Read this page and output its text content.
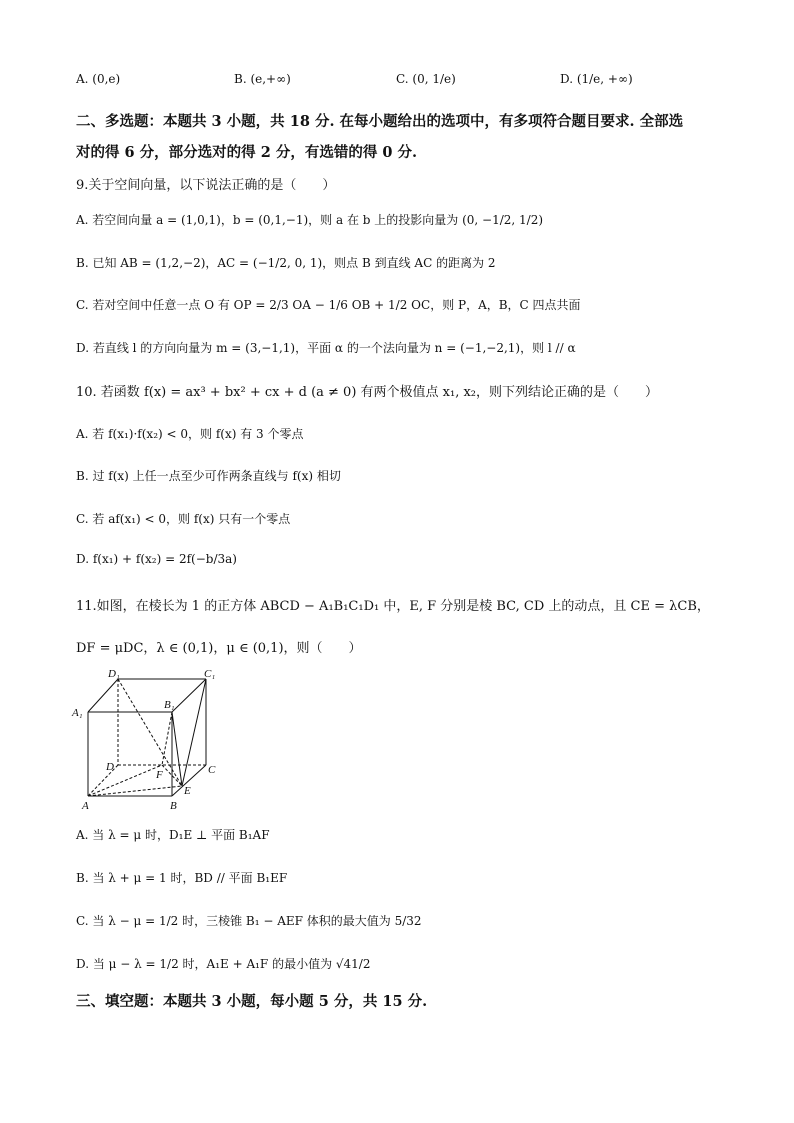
A. (0,e)	B. (e,+∞)	C. (0, 1/e)	D. (1/e, +∞)
二、多选题：本题共 3 小题，共 18 分. 在每小题给出的选项中，有多项符合题目要求. 全部选
对的得 6 分，部分选对的得 2 分，有选错的得 0 分.
9.关于空间向量，以下说法正确的是（　　）
A. 若空间向量 a = (1,0,1)，b = (0,1,−1)，则 a 在 b 上的投影向量为 (0, −1/2, 1/2)
B. 已知 AB = (1,2,−2)，AC = (−1/2, 0, 1)，则点 B 到直线 AC 的距离为 2
C. 若对空间中任意一点 O 有 OP = 2/3 OA − 1/6 OB + 1/2 OC，则 P，A，B，C 四点共面
D. 若直线 l 的方向向量为 m = (3,−1,1)，平面 α 的一个法向量为 n = (−1,−2,1)，则 l // α
10. 若函数 f(x) = ax³ + bx² + cx + d (a ≠ 0) 有两个极值点 x₁, x₂，则下列结论正确的是（　　）
A. 若 f(x₁)·f(x₂) < 0，则 f(x) 有 3 个零点
B. 过 f(x) 上任一点至少可作两条直线与 f(x) 相切
C. 若 af(x₁) < 0，则 f(x) 只有一个零点
D. f(x₁) + f(x₂) = 2f(−b/3a)
11.如图，在棱长为 1 的正方体 ABCD − A₁B₁C₁D₁ 中，E, F 分别是棱 BC, CD 上的动点，且 CE = λCB，
DF = μDC，λ ∈ (0,1)，μ ∈ (0,1)，则（　　）
D₁	C₁
A₁
B₁
D	C
F
E
A	B
A. 当 λ = μ 时，D₁E ⊥ 平面 B₁AF
B. 当 λ + μ = 1 时，BD // 平面 B₁EF
C. 当 λ − μ = 1/2 时，三棱锥 B₁ − AEF 体积的最大值为 5/32
D. 当 μ − λ = 1/2 时，A₁E + A₁F 的最小值为 √41/2
三、填空题：本题共 3 小题，每小题 5 分，共 15 分.
